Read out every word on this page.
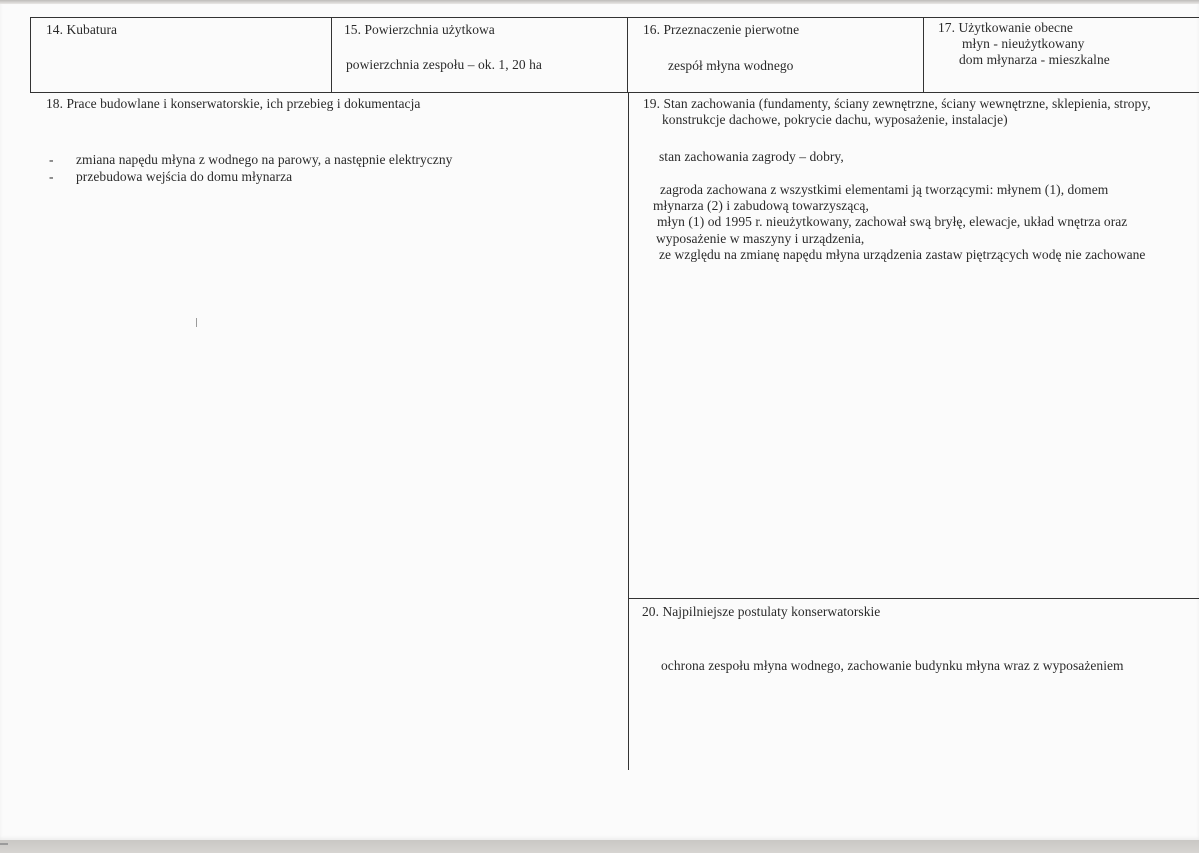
14. Kubatura	15. Powierzchnia użytkowa
powierzchnia zespołu – ok. 1, 20 ha
16. Przeznaczenie pierwotne
zespół młyna wodnego
17. Użytkowanie obecne
młyn - nieużytkowany
dom młynarza - mieszkalne
18. Prace budowlane i konserwatorskie, ich przebieg i dokumentacja
- zmiana napędu młyna z wodnego na parowy, a następnie elektryczny
- przebudowa wejścia do domu młynarza
19. Stan zachowania (fundamenty, ściany zewnętrzne, ściany wewnętrzne, sklepienia, stropy,
konstrukcje dachowe, pokrycie dachu, wyposażenie, instalacje)
stan zachowania zagrody – dobry,
zagroda zachowana z wszystkimi elementami ją tworzącymi: młynem (1), domem
młynarza (2) i zabudową towarzyszącą,
młyn (1) od 1995 r. nieużytkowany, zachował swą bryłę, elewacje, układ wnętrza oraz
wyposażenie w maszyny i urządzenia,
ze względu na zmianę napędu młyna urządzenia zastaw piętrzących wodę nie zachowane
20. Najpilniejsze postulaty konserwatorskie
ochrona zespołu młyna wodnego, zachowanie budynku młyna wraz z wyposażeniem
